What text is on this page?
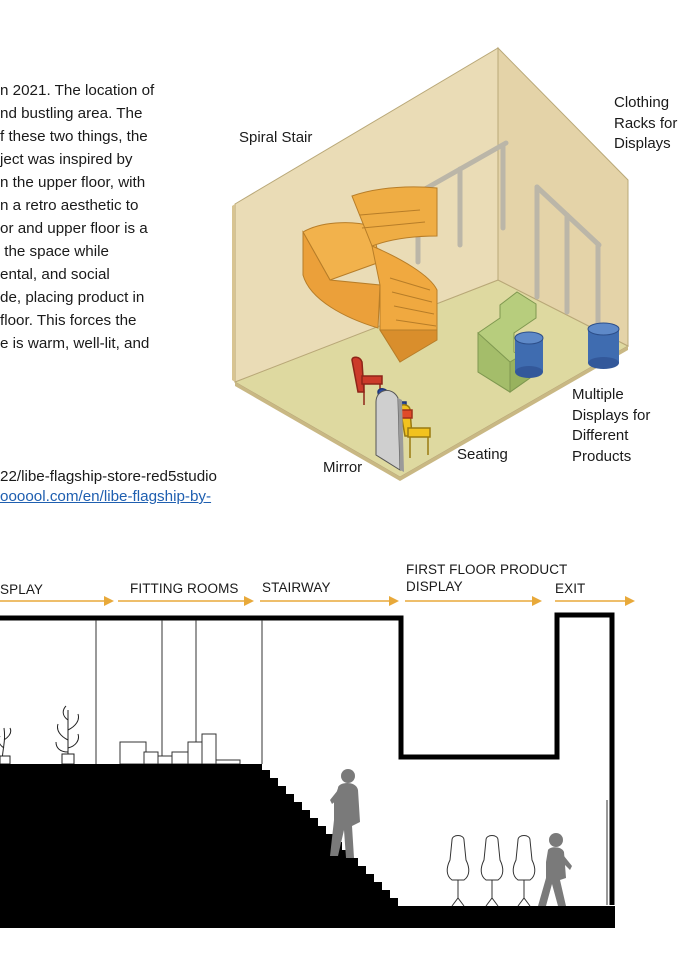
n 2021. The location of
nd bustling area. The
f these two things, the
ject was inspired by
n the upper floor, with
n a retro aesthetic to
or and upper floor is a
the space while
ental, and social
de, placing product in
floor. This forces the
e is warm, well-lit, and
22/libe-flagship-store-red5studio
oooool.com/en/libe-flagship-by-
Spiral Stair
Clothing
Racks for
Displays
Multiple
Displays for
Different
Products
Seating
Mirror
SPLAY	FITTING ROOMS STAIRWAY
FIRST FLOOR PRODUCT
DISPLAY	EXIT
